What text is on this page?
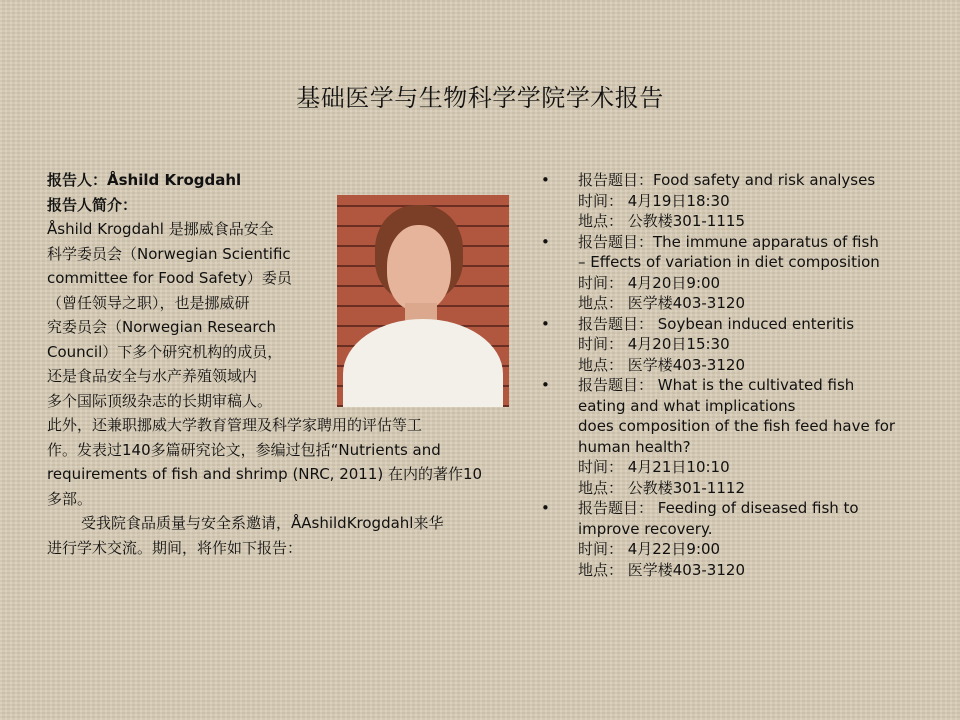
基础医学与生物科学学院学术报告
报告人：Åshild Krogdahl
报告人简介：
Åshild Krogdahl 是挪威食品安全
科学委员会（Norwegian Scientific
committee for Food Safety）委员
（曾任领导之职），也是挪威研
究委员会（Norwegian Research
Council）下多个研究机构的成员，
还是食品安全与水产养殖领域内
多个国际顶级杂志的长期审稿人。
此外，还兼职挪威大学教育管理及科学家聘用的评估等工
作。发表过140多篇研究论文，参编过包括“Nutrients and
requirements of fish and shrimp (NRC, 2011) 在内的著作10
多部。
受我院食品质量与安全系邀请，ÅAshildKrogdahl来华
进行学术交流。期间，将作如下报告：
• 报告题目：Food safety and risk analyses
时间： 4月19日18:30
地点： 公教楼301-1115
• 报告题目：The immune apparatus of fish
– Effects of variation in diet composition
时间： 4月20日9:00
地点： 医学楼403-3120
• 报告题目： Soybean induced enteritis
时间： 4月20日15:30
地点： 医学楼403-3120
• 报告题目： What is the cultivated fish
eating and what implications
does composition of the fish feed have for
human health?
时间： 4月21日10:10
地点： 公教楼301-1112
• 报告题目： Feeding of diseased fish to
improve recovery.
时间： 4月22日9:00
地点： 医学楼403-3120
